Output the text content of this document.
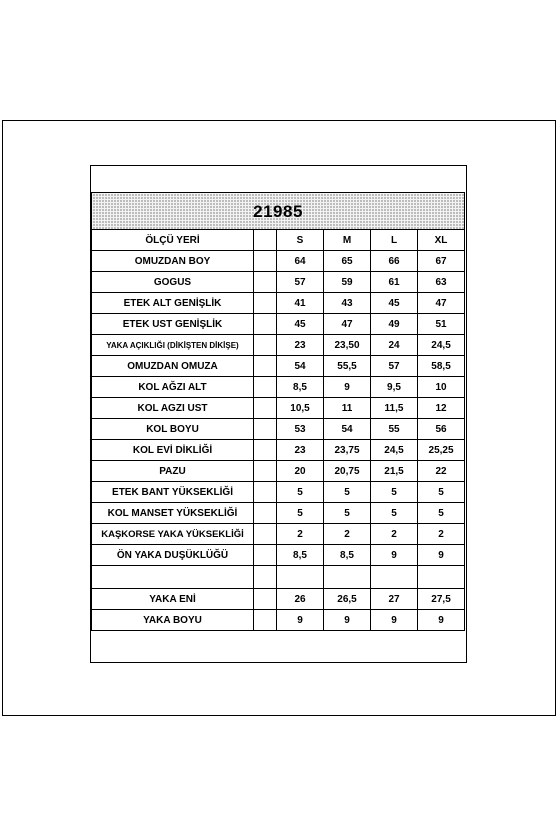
21985					
ÖLÇÜ YERİ		S	M	L	XL
OMUZDAN BOY		64	65	66	67
GOGUS		57	59	61	63
ETEK ALT GENİŞLİK		41	43	45	47
ETEK UST GENİŞLİK		45	47	49	51
YAKA AÇIKLIĞI (DİKİŞTEN DİKİŞE)		23	23,50	24	24,5
OMUZDAN OMUZA		54	55,5	57	58,5
KOL AĞZI ALT		8,5	9	9,5	10
KOL AGZI UST		10,5	11	11,5	12
KOL BOYU		53	54	55	56
KOL EVİ DİKLİĞİ		23	23,75	24,5	25,25
PAZU		20	20,75	21,5	22
ETEK BANT YÜKSEKLİĞİ		5	5	5	5
KOL MANSET YÜKSEKLİĞİ		5	5	5	5
KAŞKORSE YAKA YÜKSEKLİĞİ		2	2	2	2
ÖN YAKA DUŞÜKLÜĞÜ		8,5	8,5	9	9

YAKA ENİ		26	26,5	27	27,5
YAKA BOYU		9	9	9	9
